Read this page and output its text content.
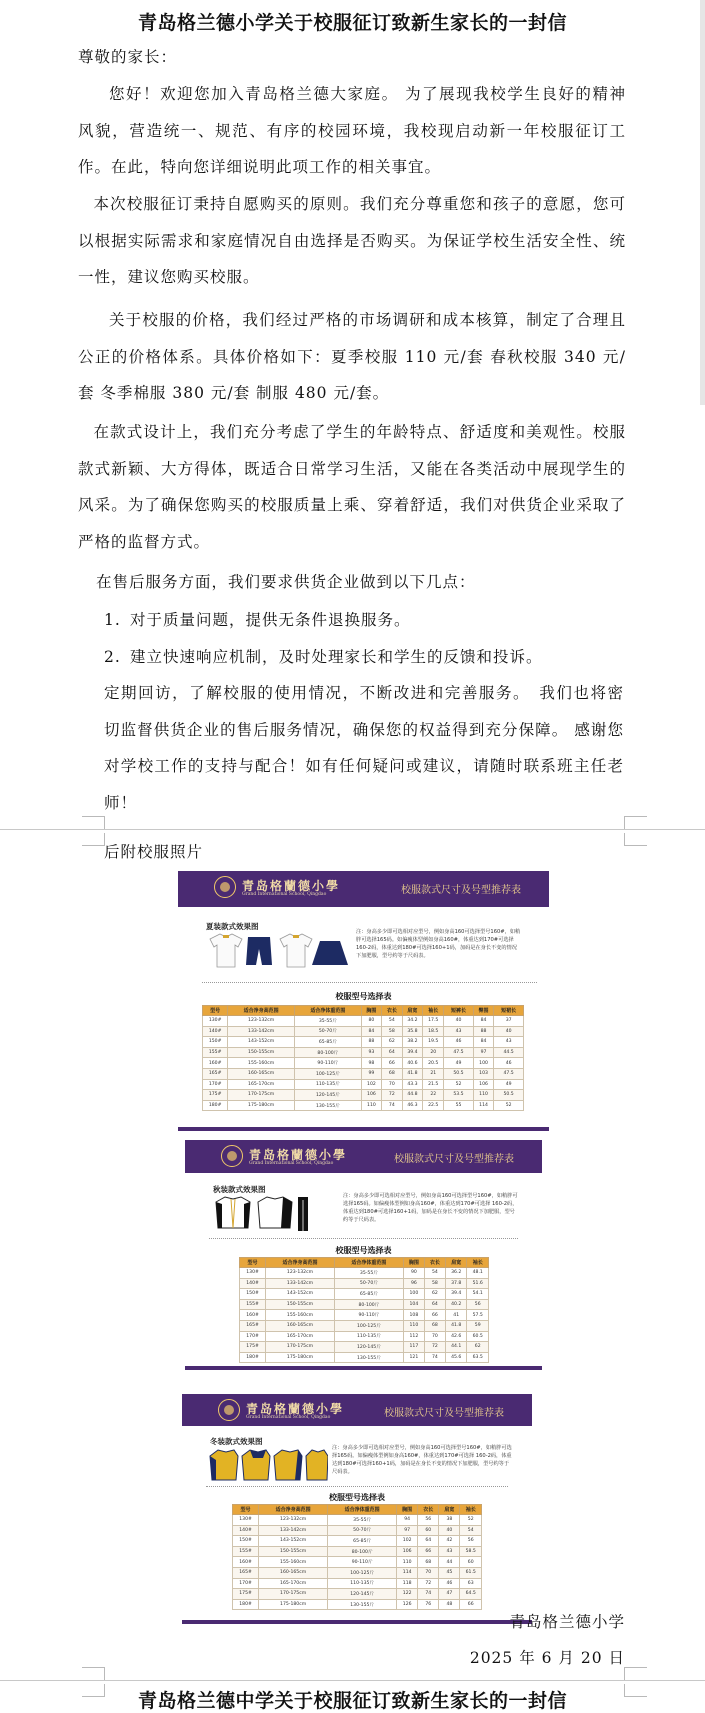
青岛格兰德小学关于校服征订致新生家长的一封信
尊敬的家长：
您好！欢迎您加入青岛格兰德大家庭。 为了展现我校学生良好的精神风貌，营造统一、规范、有序的校园环境，我校现启动新一年校服征订工作。在此，特向您详细说明此项工作的相关事宜。
本次校服征订秉持自愿购买的原则。我们充分尊重您和孩子的意愿，您可以根据实际需求和家庭情况自由选择是否购买。为保证学校生活安全性、统一性，建议您购买校服。
关于校服的价格，我们经过严格的市场调研和成本核算，制定了合理且公正的价格体系。具体价格如下：夏季校服 110 元/套 春秋校服 340 元/套 冬季棉服 380 元/套 制服 480 元/套。
在款式设计上，我们充分考虑了学生的年龄特点、舒适度和美观性。校服款式新颖、大方得体，既适合日常学习生活，又能在各类活动中展现学生的风采。为了确保您购买的校服质量上乘、穿着舒适，我们对供货企业采取了严格的监督方式。
在售后服务方面，我们要求供货企业做到以下几点：
1. 对于质量问题，提供无条件退换服务。
2. 建立快速响应机制，及时处理家长和学生的反馈和投诉。
定期回访，了解校服的使用情况，不断改进和完善服务。　我们也将密切监督供货企业的售后服务情况，确保您的权益得到充分保障。 感谢您对学校工作的支持与配合！如有任何疑问或建议，请随时联系班主任老师！
后附校服照片
青岛格蘭德小學
Grand International School, Qingdao	校服款式尺寸及号型推荐表
夏装款式效果图
注：身高多少即可选相对应型号，例如身高160可选择型号160#，如稍胖可选择165码。如偏瘦体型例如身高160#，体重达到170#可选择 160-2码，体重达到180#可选择160+1码，加码是在身长不变的情况下加肥服，型号约等于尺码表。
校服型号选择表
型号	适合净身高范围	适合净体重范围	胸围	衣长	肩宽	袖长	短裤长	臀围	短裙长
130#	123-132cm	35-55斤	80	54	34.2	17.5	40	84	37
140#	133-142cm	50-70斤	84	58	35.8	18.5	43	88	40
150#	143-152cm	65-85斤	88	62	38.2	19.5	46	84	43
155#	150-155cm	80-100斤	93	64	39.4	20	47.5	97	44.5
160#	155-160cm	90-110斤	98	66	40.6	20.5	49	100	46
165#	160-165cm	100-125斤	99	68	41.8	21	50.5	103	47.5
170#	165-170cm	110-135斤	102	70	43.3	21.5	52	106	49
175#	170-175cm	120-145斤	106	72	44.8	22	53.5	110	50.5
180#	175-180cm	130-155斤	110	74	46.3	22.5	55	114	52
青岛格蘭德小學
Grand International School, Qingdao	校服款式尺寸及号型推荐表
秋装款式效果图
注：身高多少即可选相对应型号，例如身高160可选择型号160#，如稍胖可选择165码。如偏瘦体型例如身高160#，体重达到170#可选择 160-2码，体重达到180#可选择160+1码，加码是在身长不变的情况下加肥服，型号约等于尺码表。
校服型号选择表
型号	适合净身高范围	适合净体重范围	胸围	衣长	肩宽	袖长
130#	123-132cm	35-55斤	90	54	36.2	48.1
140#	133-142cm	50-70斤	96	58	37.8	51.6
150#	143-152cm	65-85斤	100	62	39.4	54.1
155#	150-155cm	80-100斤	104	64	40.2	56
160#	155-160cm	90-110斤	108	66	41	57.5
165#	160-165cm	100-125斤	110	68	41.8	59
170#	165-170cm	110-135斤	112	70	42.6	60.5
175#	170-175cm	120-145斤	117	72	44.1	62
180#	175-180cm	130-155斤	121	74	45.6	63.5
青岛格蘭德小學
Grand International School, Qingdao	校服款式尺寸及号型推荐表
冬装款式效果图
注：身高多少即可选相对应型号，例如身高160可选择型号160#，如稍胖可选择165码。如偏瘦体型例如身高160#，体重达到170#可选择 160-2码，体重达到180#可选择160+1码，加码是在身长不变的情况下加肥服，型号约等于尺码表。
校服型号选择表
型号	适合净身高范围	适合净体重范围	胸围	衣长	肩宽	袖长
130#	123-132cm	35-55斤	94	56	38	52
140#	133-142cm	50-70斤	97	60	40	54
150#	143-152cm	65-85斤	102	64	42	56
155#	150-155cm	80-100斤	106	66	43	58.5
160#	155-160cm	90-110斤	110	68	44	60
165#	160-165cm	100-125斤	114	70	45	61.5
170#	165-170cm	110-135斤	118	72	46	63
175#	170-175cm	120-145斤	122	74	47	64.5
180#	175-180cm	130-155斤	126	76	48	66
青岛格兰德小学
2025 年 6 月 20 日
青岛格兰德中学关于校服征订致新生家长的一封信
